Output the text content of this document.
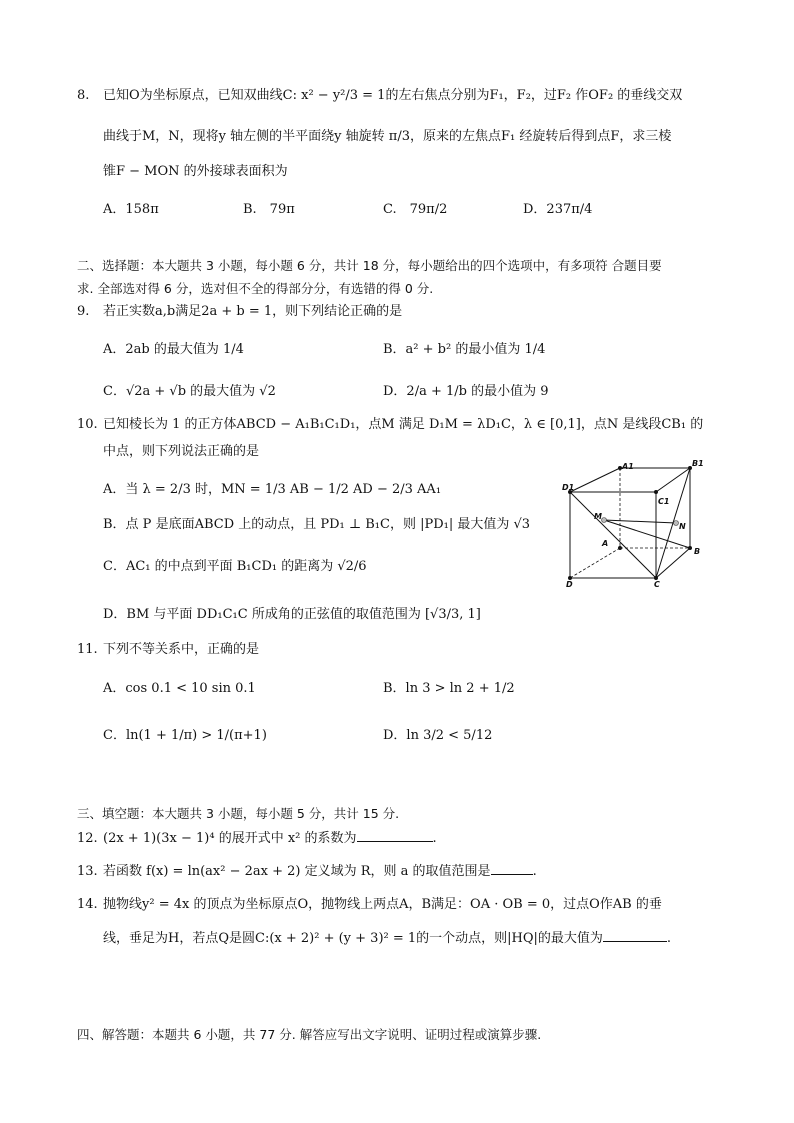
8. 已知O为坐标原点，已知双曲线C: x² − y²/3 = 1的左右焦点分别为F₁，F₂，过F₂ 作OF₂ 的垂线交双
曲线于M，N，现将y 轴左侧的半平面绕y 轴旋转 π/3，原来的左焦点F₁ 经旋转后得到点F，求三棱
锥F − MON 的外接球表面积为
A．158π	B.　79π	C.　79π/2	D．237π/4
二、选择题：本大题共 3 小题，每小题 6 分，共计 18 分，每小题给出的四个选项中，有多项符 合题目要
求. 全部选对得 6 分，选对但不全的得部分分，有选错的得 0 分.
9. 若正实数a,b满足2a + b = 1，则下列结论正确的是
A．2ab 的最大值为 1/4	B．a² + b² 的最小值为 1/4
C．√2a + √b 的最大值为 √2	D．2/a + 1/b 的最小值为 9
10. 已知棱长为 1 的正方体ABCD − A₁B₁C₁D₁，点M 满足 D₁M = λD₁C，λ ∈ [0,1]，点N 是线段CB₁ 的
中点，则下列说法正确的是
A．当 λ = 2/3 时，MN = 1/3 AB − 1/2 AD − 2/3 AA₁
B．点 P 是底面ABCD 上的动点，且 PD₁ ⊥ B₁C，则 |PD₁| 最大值为 √3
C．AC₁ 的中点到平面 B₁CD₁ 的距离为 √2/6
D．BM 与平面 DD₁C₁C 所成角的正弦值的取值范围为 [√3/3, 1]
A1	B1
D1
C1
M
N
A
B
D	C
11. 下列不等关系中，正确的是
A．cos 0.1 < 10 sin 0.1	B．ln 3 > ln 2 + 1/2
C．ln(1 + 1/π) > 1/(π+1)	D．ln 3/2 < 5/12
三、填空题：本大题共 3 小题，每小题 5 分，共计 15 分.
12. (2x + 1)(3x − 1)⁴ 的展开式中 x² 的系数为	.
13. 若函数 f(x) = ln(ax² − 2ax + 2) 定义域为 R，则 a 的取值范围是	.
14. 抛物线y² = 4x 的顶点为坐标原点O，抛物线上两点A，B满足：OA · OB = 0，过点O作AB 的垂
线，垂足为H，若点Q是圆C:(x + 2)² + (y + 3)² = 1的一个动点，则|HQ|的最大值为	.
四、解答题：本题共 6 小题，共 77 分. 解答应写出文字说明、证明过程或演算步骤.
